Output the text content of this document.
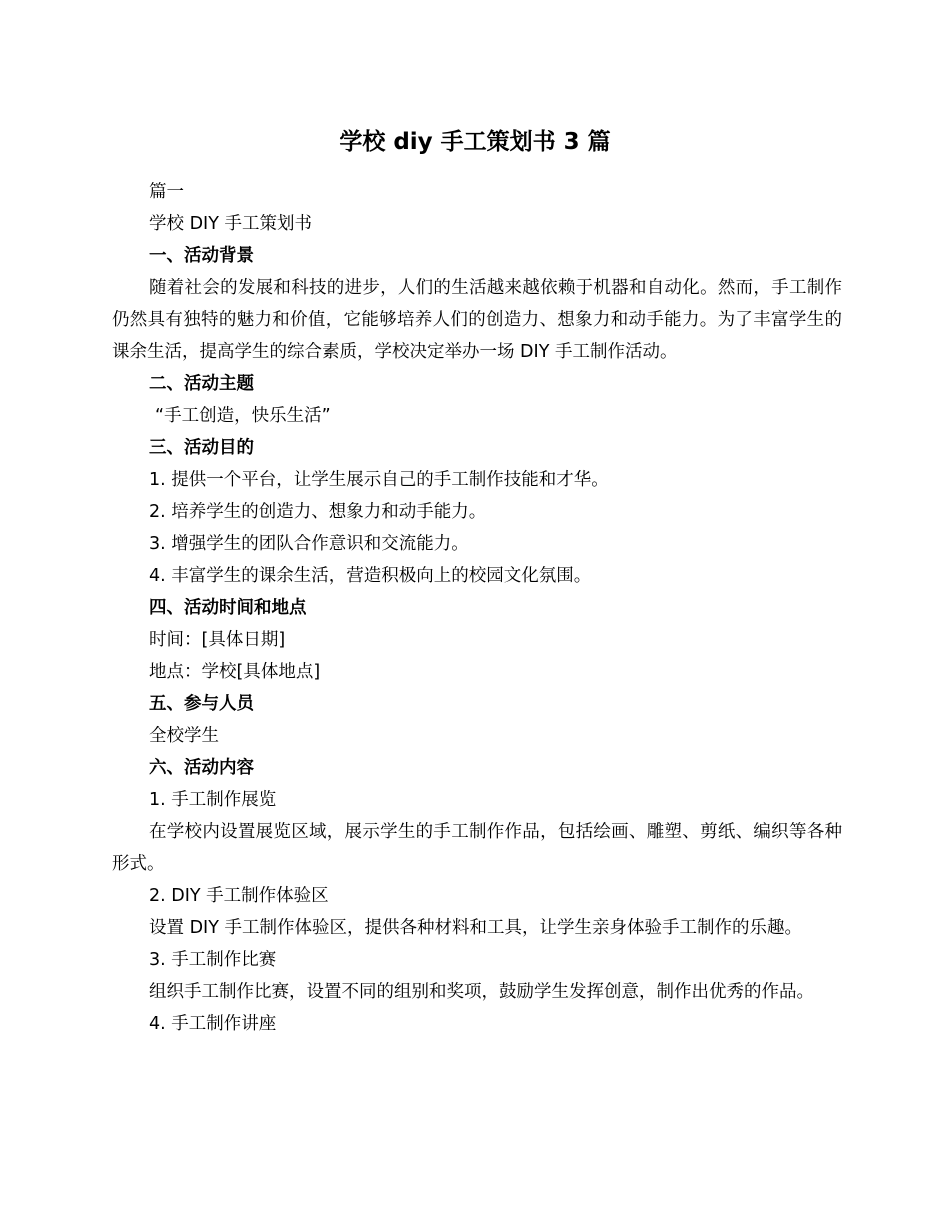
学校 diy 手工策划书 3 篇

篇一

学校 DIY 手工策划书

一、活动背景

随着社会的发展和科技的进步，人们的生活越来越依赖于机器和自动化。然而，手工制作仍然具有独特的魅力和价值，它能够培养人们的创造力、想象力和动手能力。为了丰富学生的课余生活，提高学生的综合素质，学校决定举办一场 DIY 手工制作活动。

二、活动主题

“手工创造，快乐生活”

三、活动目的

1. 提供一个平台，让学生展示自己的手工制作技能和才华。

2. 培养学生的创造力、想象力和动手能力。

3. 增强学生的团队合作意识和交流能力。

4. 丰富学生的课余生活，营造积极向上的校园文化氛围。

四、活动时间和地点

时间：[具体日期]

地点：学校[具体地点]

五、参与人员

全校学生

六、活动内容

1. 手工制作展览

在学校内设置展览区域，展示学生的手工制作作品，包括绘画、雕塑、剪纸、编织等各种形式。

2. DIY 手工制作体验区

设置 DIY 手工制作体验区，提供各种材料和工具，让学生亲身体验手工制作的乐趣。

3. 手工制作比赛

组织手工制作比赛，设置不同的组别和奖项，鼓励学生发挥创意，制作出优秀的作品。

4. 手工制作讲座
